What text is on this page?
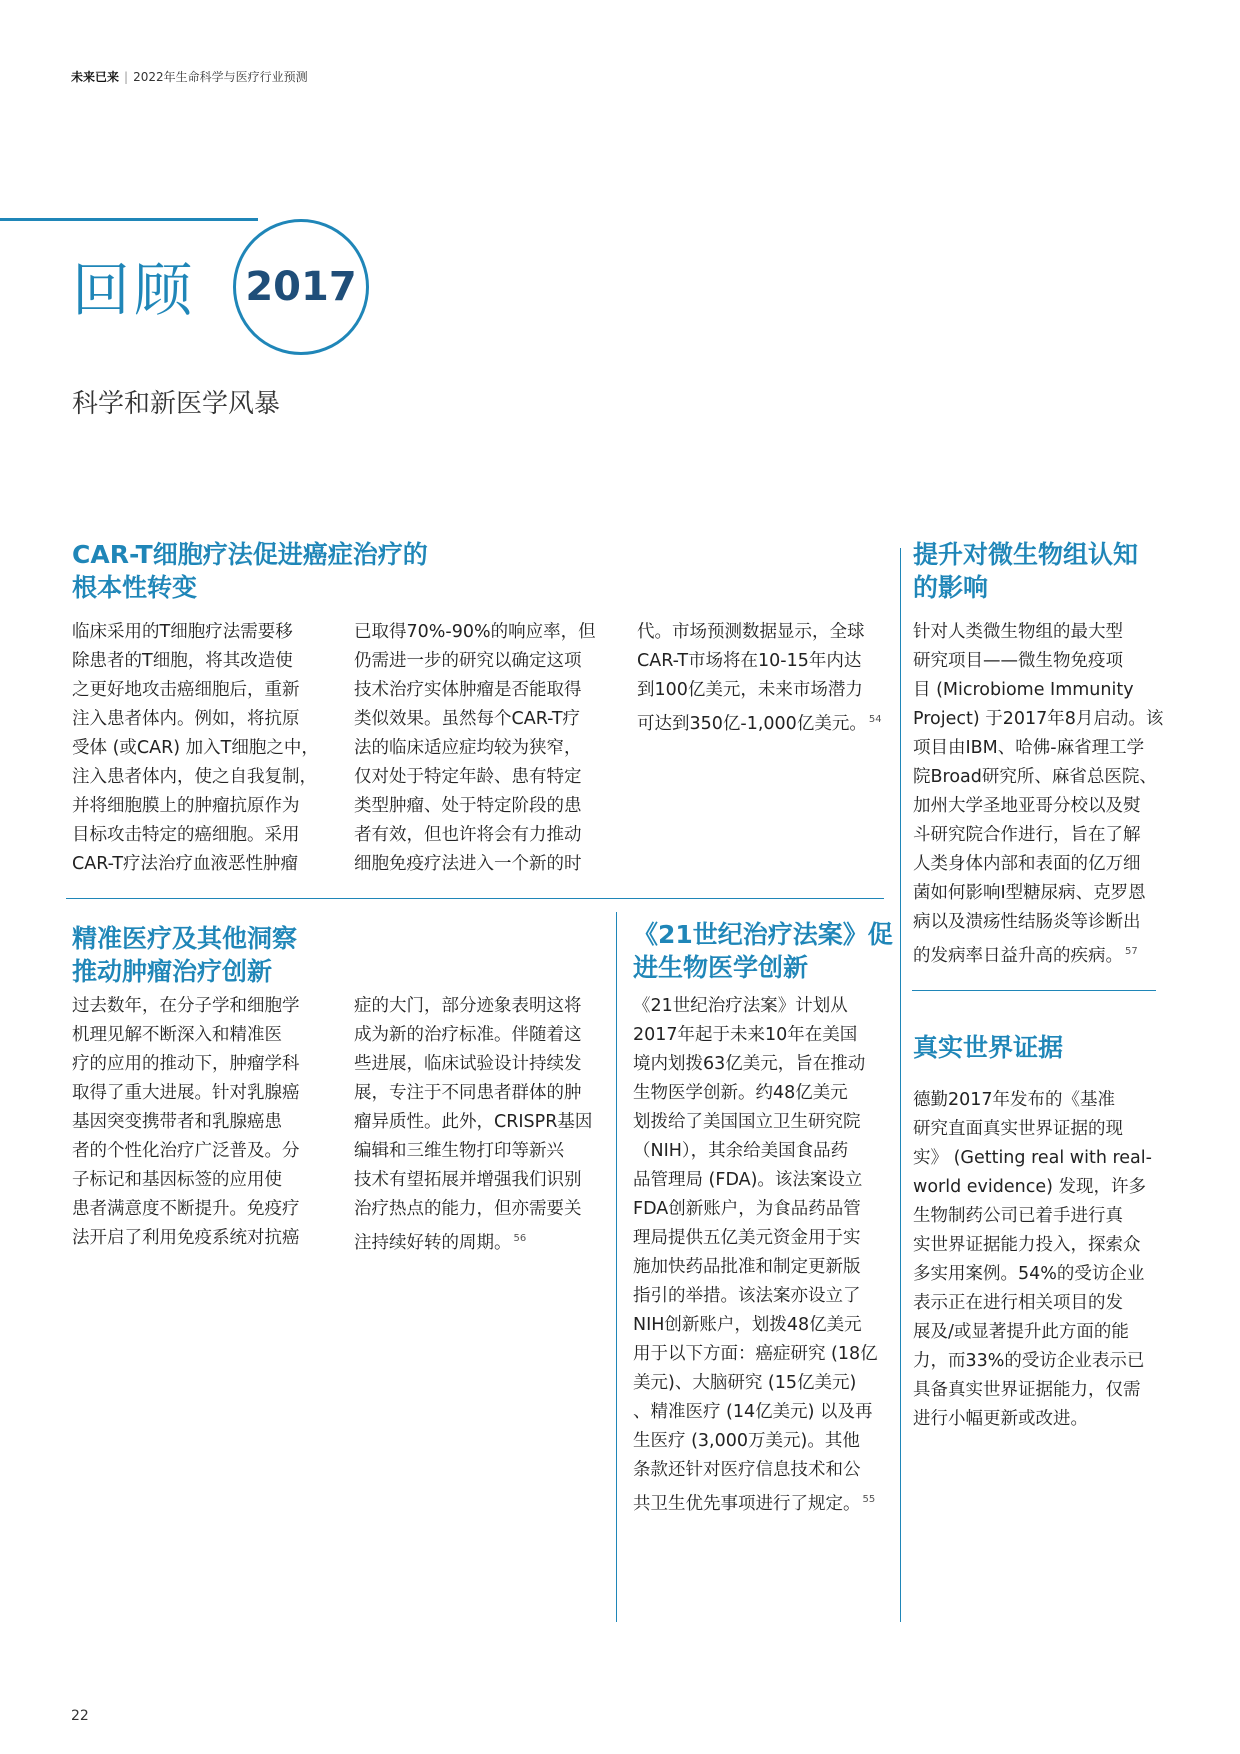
未来已来 | 2022年生命科学与医疗行业预测
2017
回顾
科学和新医学风暴
CAR-T细胞疗法促进癌症治疗的
根本性转变
临床采用的T细胞疗法需要移
除患者的T细胞，将其改造使
之更好地攻击癌细胞后，重新
注入患者体内。例如，将抗原
受体 (或CAR) 加入T细胞之中，
注入患者体内，使之自我复制，
并将细胞膜上的肿瘤抗原作为
目标攻击特定的癌细胞。采用
CAR-T疗法治疗血液恶性肿瘤
已取得70%-90%的响应率，但
仍需进一步的研究以确定这项
技术治疗实体肿瘤是否能取得
类似效果。虽然每个CAR-T疗
法的临床适应症均较为狭窄，
仅对处于特定年龄、患有特定
类型肿瘤、处于特定阶段的患
者有效，但也许将会有力推动
细胞免疫疗法进入一个新的时
代。市场预测数据显示，全球
CAR-T市场将在10-15年内达
到100亿美元，未来市场潜力
可达到350亿-1,000亿美元。 $^{54}$
精准医疗及其他洞察
推动肿瘤治疗创新
过去数年，在分子学和细胞学
机理见解不断深入和精准医
疗的应用的推动下，肿瘤学科
取得了重大进展。针对乳腺癌
基因突变携带者和乳腺癌患
者的个性化治疗广泛普及。分
子标记和基因标签的应用使
患者满意度不断提升。免疫疗
法开启了利用免疫系统对抗癌
症的大门，部分迹象表明这将
成为新的治疗标准。伴随着这
些进展，临床试验设计持续发
展，专注于不同患者群体的肿
瘤异质性。此外，CRISPR基因
编辑和三维生物打印等新兴
技术有望拓展并增强我们识别
治疗热点的能力，但亦需要关
注持续好转的周期。 $^{56}$
《21世纪治疗法案》促
进生物医学创新
《21世纪治疗法案》计划从
2017年起于未来10年在美国
境内划拨63亿美元，旨在推动
生物医学创新。约48亿美元
划拨给了美国国立卫生研究院
（NIH），其余给美国食品药
品管理局 (FDA)。该法案设立
FDA创新账户，为食品药品管
理局提供五亿美元资金用于实
施加快药品批准和制定更新版
指引的举措。该法案亦设立了
NIH创新账户，划拨48亿美元
用于以下方面：癌症研究 (18亿
美元)、大脑研究 (15亿美元)
、精准医疗 (14亿美元) 以及再
生医疗 (3,000万美元)。其他
条款还针对医疗信息技术和公
共卫生优先事项进行了规定。 $^{55}$
提升对微生物组认知
的影响
针对人类微生物组的最大型
研究项目——微生物免疫项
目 (Microbiome Immunity
Project) 于2017年8月启动。该
项目由IBM、哈佛-麻省理工学
院Broad研究所、麻省总医院、
加州大学圣地亚哥分校以及熨
斗研究院合作进行，旨在了解
人类身体内部和表面的亿万细
菌如何影响I型糖尿病、克罗恩
病以及溃疡性结肠炎等诊断出
的发病率日益升高的疾病。 $^{57}$
真实世界证据
德勤2017年发布的《基准
研究直面真实世界证据的现
实》 (Getting real with real-
world evidence) 发现，许多
生物制药公司已着手进行真
实世界证据能力投入，探索众
多实用案例。54%的受访企业
表示正在进行相关项目的发
展及/或显著提升此方面的能
力，而33%的受访企业表示已
具备真实世界证据能力，仅需
进行小幅更新或改进。
22
